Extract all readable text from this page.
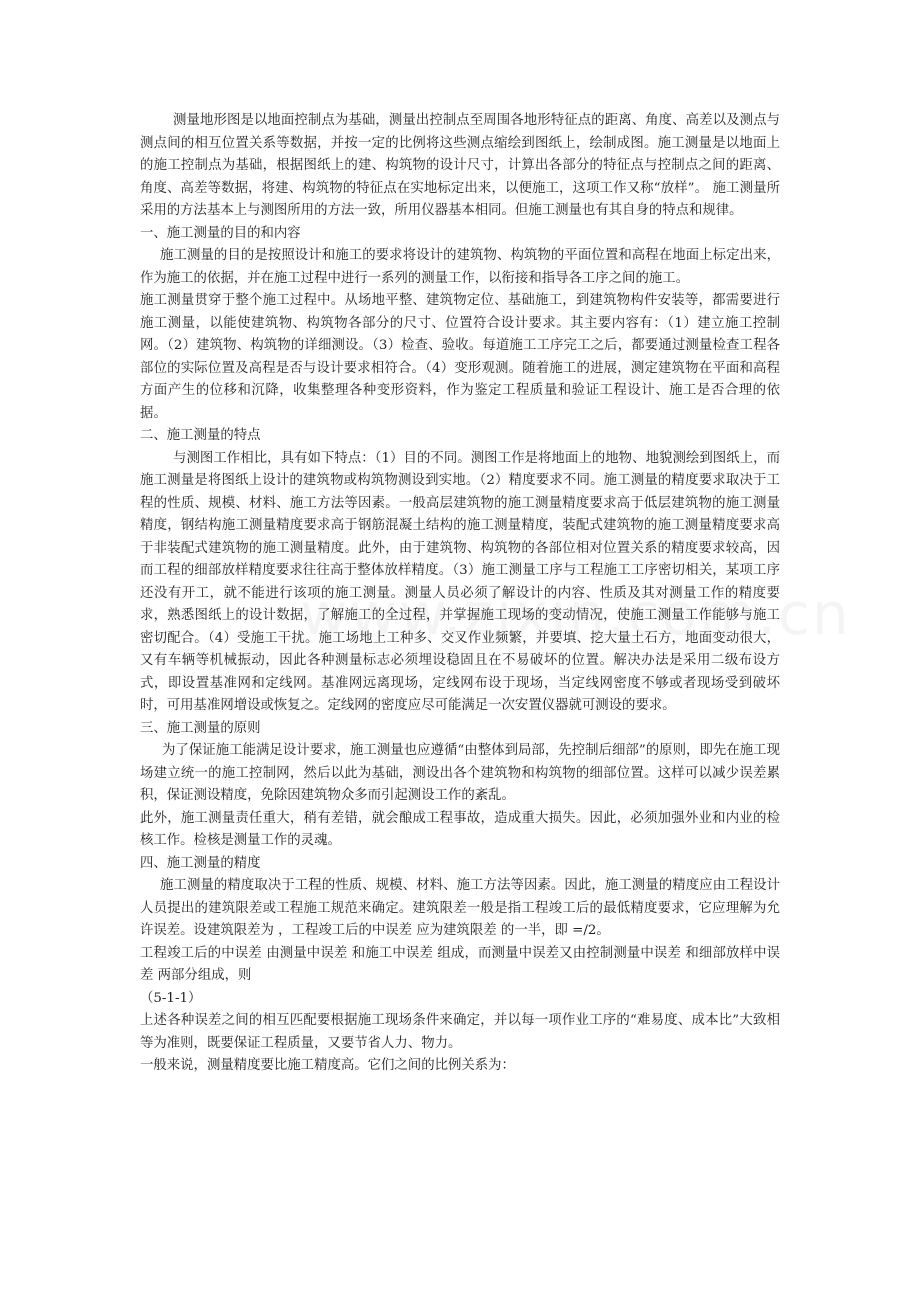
测量地形图是以地面控制点为基础，测量出控制点至周围各地形特征点的距离、角度、高差以及测点与测点间的相互位置关系等数据，并按一定的比例将这些测点缩绘到图纸上，绘制成图。施工测量是以地面上的施工控制点为基础，根据图纸上的建、构筑物的设计尺寸，计算出各部分的特征点与控制点之间的距离、角度、高差等数据，将建、构筑物的特征点在实地标定出来，以便施工，这项工作又称“放样”。 施工测量所采用的方法基本上与测图所用的方法一致，所用仪器基本相同。但施工测量也有其自身的特点和规律。

一、施工测量的目的和内容

施工测量的目的是按照设计和施工的要求将设计的建筑物、构筑物的平面位置和高程在地面上标定出来，作为施工的依据，并在施工过程中进行一系列的测量工作，以衔接和指导各工序之间的施工。

施工测量贯穿于整个施工过程中。从场地平整、建筑物定位、基础施工，到建筑物构件安装等，都需要进行施工测量，以能使建筑物、构筑物各部分的尺寸、位置符合设计要求。其主要内容有：（1）建立施工控制网。（2）建筑物、构筑物的详细测设。（3）检查、验收。每道施工工序完工之后，都要通过测量检查工程各部位的实际位置及高程是否与设计要求相符合。（4）变形观测。随着施工的进展，测定建筑物在平面和高程方面产生的位移和沉降，收集整理各种变形资料，作为鉴定工程质量和验证工程设计、施工是否合理的依据。

二、施工测量的特点

与测图工作相比，具有如下特点：（1）目的不同。测图工作是将地面上的地物、地貌测绘到图纸上，而施工测量是将图纸上设计的建筑物或构筑物测设到实地。（2）精度要求不同。施工测量的精度要求取决于工程的性质、规模、材料、施工方法等因素。一般高层建筑物的施工测量精度要求高于低层建筑物的施工测量精度，钢结构施工测量精度要求高于钢筋混凝土结构的施工测量精度，装配式建筑物的施工测量精度要求高于非装配式建筑物的施工测量精度。此外，由于建筑物、构筑物的各部位相对位置关系的精度要求较高，因而工程的细部放样精度要求往往高于整体放样精度。（3）施工测量工序与工程施工工序密切相关，某项工序还没有开工，就不能进行该项的施工测量。测量人员必须了解设计的内容、性质及其对测量工作的精度要求，熟悉图纸上的设计数据，了解施工的全过程，并掌握施工现场的变动情况，使施工测量工作能够与施工密切配合。（4）受施工干扰。施工场地上工种多、交叉作业频繁，并要填、挖大量土石方，地面变动很大，又有车辆等机械振动，因此各种测量标志必须埋设稳固且在不易破坏的位置。解决办法是采用二级布设方式，即设置基准网和定线网。基准网远离现场，定线网布设于现场，当定线网密度不够或者现场受到破坏时，可用基准网增设或恢复之。定线网的密度应尽可能满足一次安置仪器就可测设的要求。

三、施工测量的原则

为了保证施工能满足设计要求，施工测量也应遵循“由整体到局部，先控制后细部”的原则，即先在施工现场建立统一的施工控制网，然后以此为基础，测设出各个建筑物和构筑物的细部位置。这样可以减少误差累积，保证测设精度，免除因建筑物众多而引起测设工作的紊乱。

此外，施工测量责任重大，稍有差错，就会酿成工程事故，造成重大损失。因此，必须加强外业和内业的检核工作。检核是测量工作的灵魂。

四、施工测量的精度

施工测量的精度取决于工程的性质、规模、材料、施工方法等因素。因此，施工测量的精度应由工程设计人员提出的建筑限差或工程施工规范来确定。建筑限差一般是指工程竣工后的最低精度要求，它应理解为允许误差。设建筑限差为 ，工程竣工后的中误差 应为建筑限差 的一半，即 =/2。

工程竣工后的中误差 由测量中误差 和施工中误差 组成，而测量中误差又由控制测量中误差 和细部放样中误差 两部分组成，则

（5-1-1）

上述各种误差之间的相互匹配要根据施工现场条件来确定，并以每一项作业工序的“难易度、成本比”大致相等为准则，既要保证工程质量，又要节省人力、物力。

一般来说，测量精度要比施工精度高。它们之间的比例关系为：
